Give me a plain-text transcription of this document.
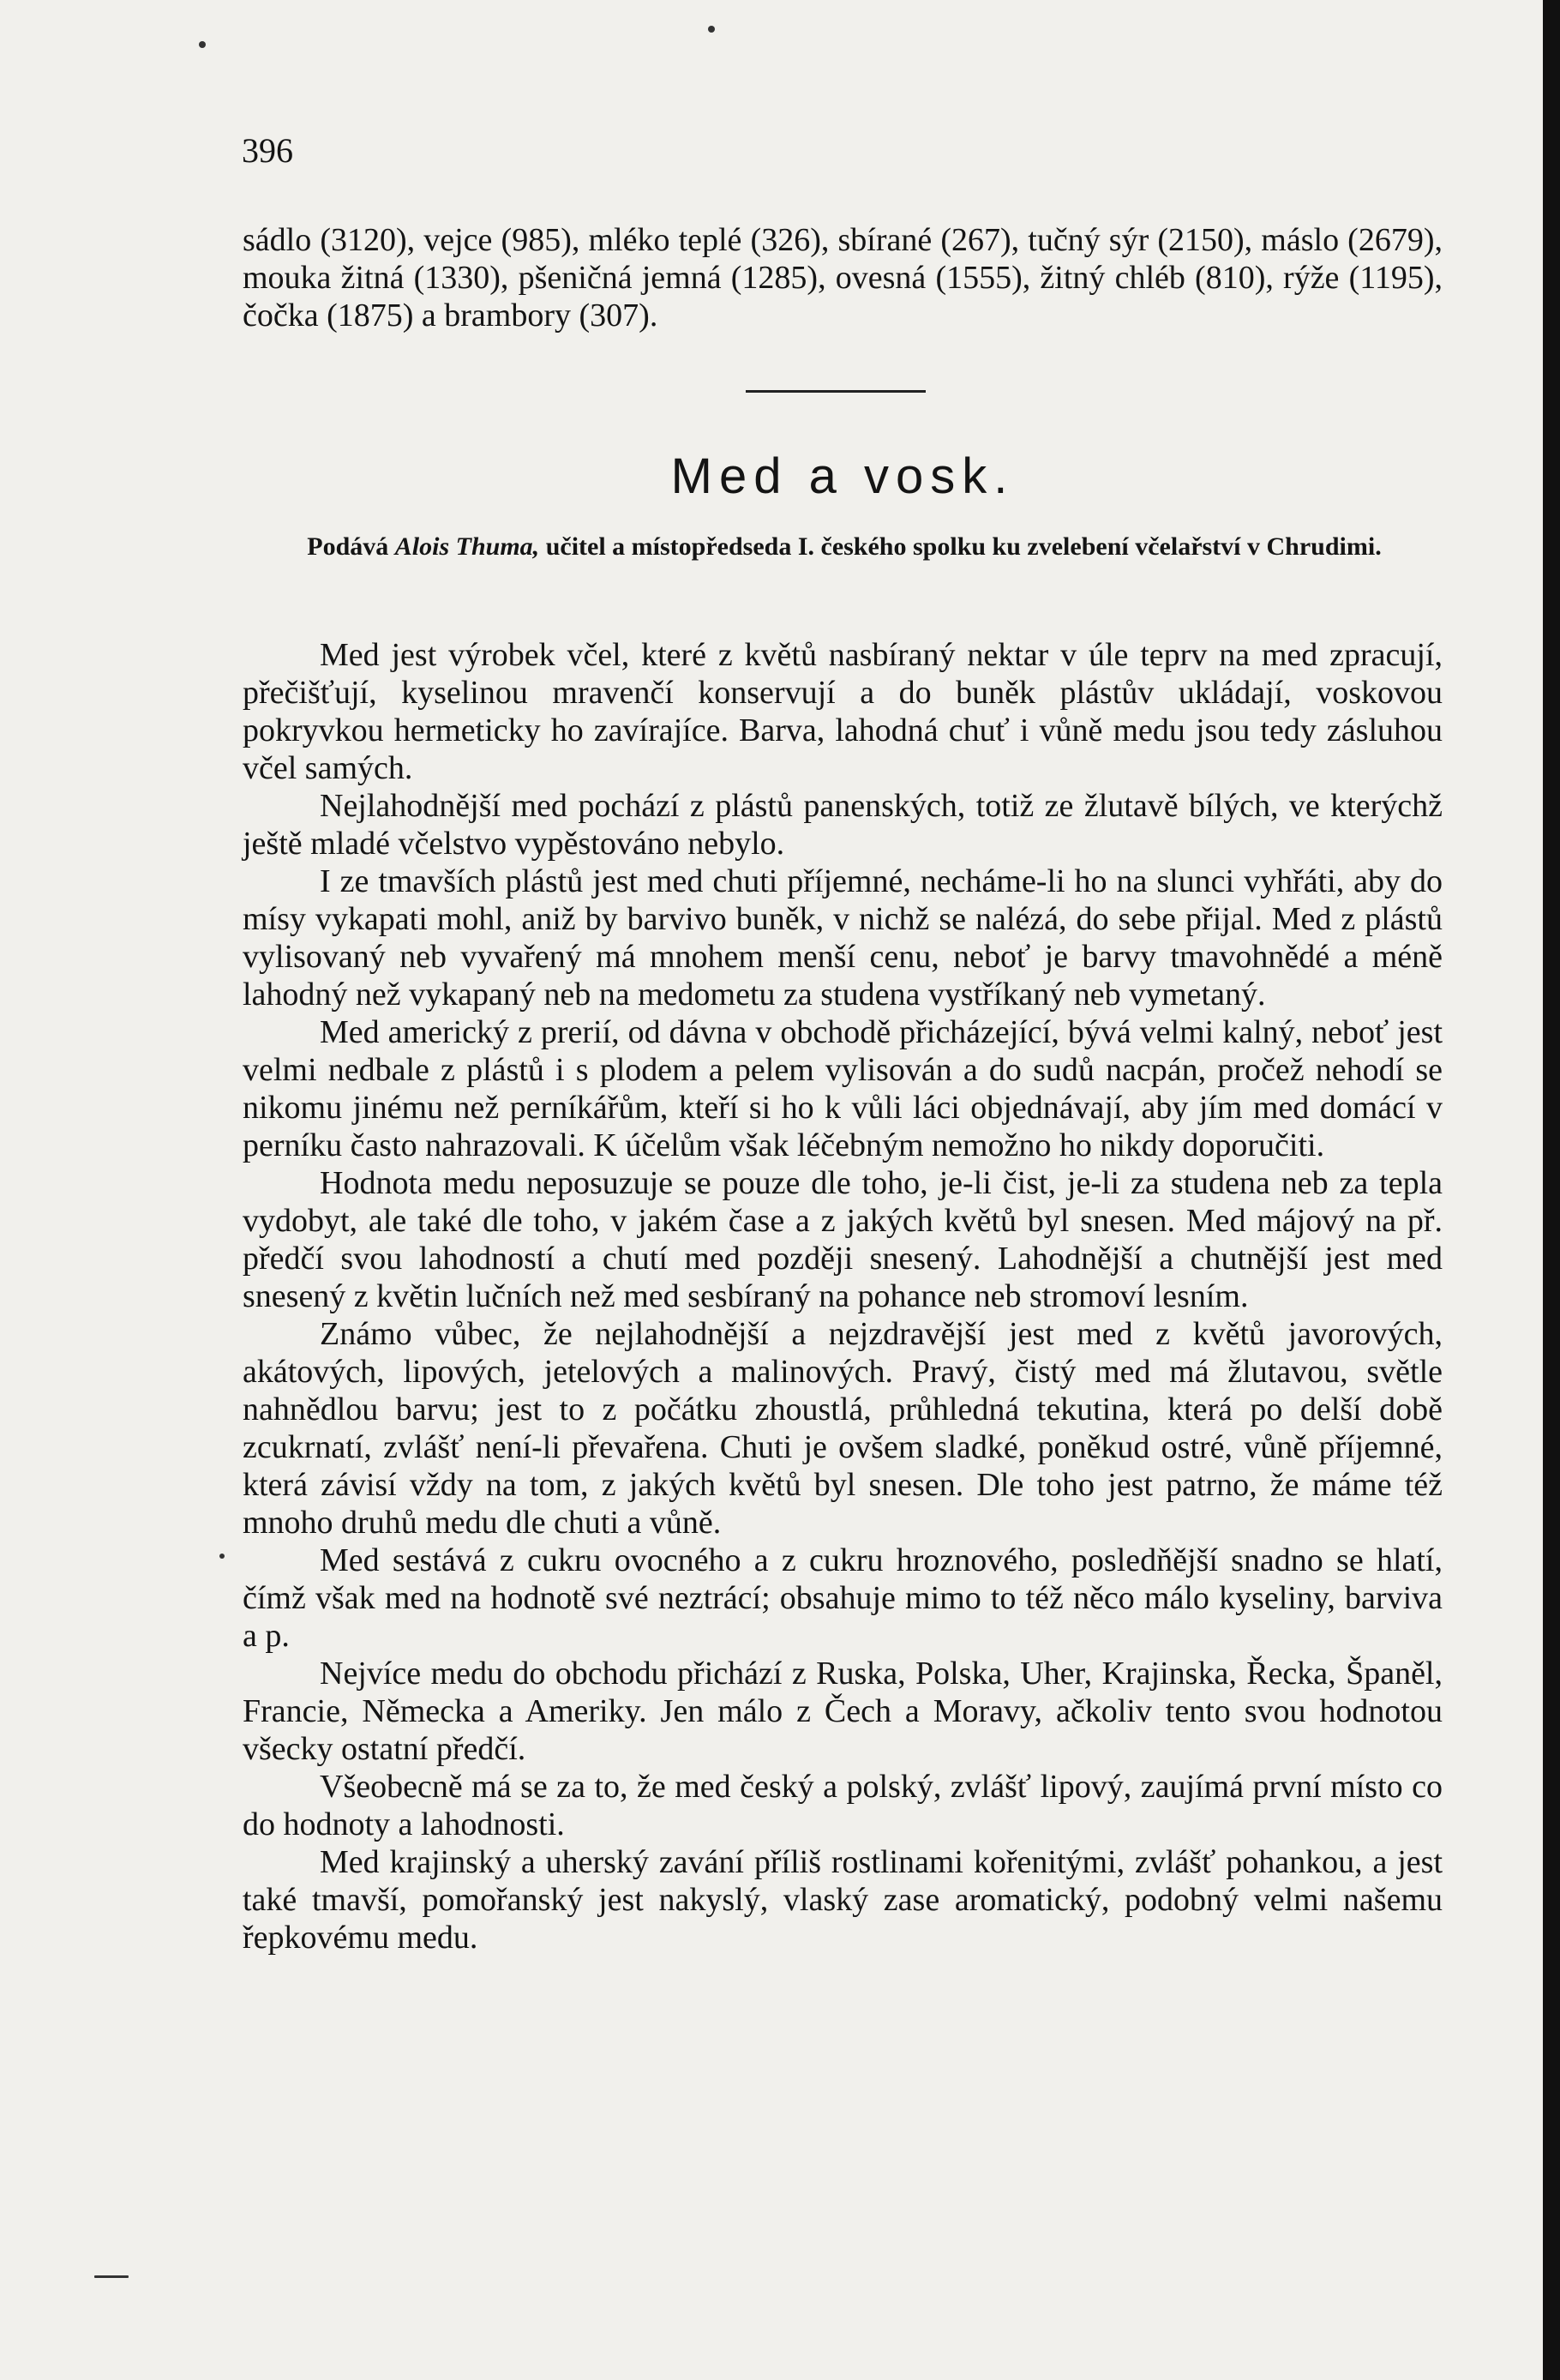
396
sádlo (3120), vejce (985), mléko teplé (326), sbírané (267), tučný sýr (2150), máslo (2679), mouka žitná (1330), pšeničná jemná (1285), ovesná (1555), žitný chléb (810), rýže (1195), čočka (1875) a brambory (307).
Med a vosk.
Podává Alois Thuma, učitel a místopředseda I. českého spolku ku zvelebení včelařství v Chrudimi.

Med jest výrobek včel, které z květů nasbíraný nektar v úle teprv na med zpracují, přečišťují, kyselinou mravenčí konservují a do buněk plástův ukládají, voskovou pokryvkou hermeticky ho zavírajíce. Barva, lahodná chuť i vůně medu jsou tedy zásluhou včel samých.

Nejlahodnější med pochází z plástů panenských, totiž ze žlutavě bílých, ve kterýchž ještě mladé včelstvo vypěstováno nebylo.

I ze tmavších plástů jest med chuti příjemné, necháme-li ho na slunci vyhřáti, aby do mísy vykapati mohl, aniž by barvivo buněk, v nichž se nalézá, do sebe přijal. Med z plástů vylisovaný neb vyvařený má mnohem menší cenu, neboť je barvy tmavohnědé a méně lahodný než vykapaný neb na medometu za studena vystříkaný neb vymetaný.

Med americký z prerií, od dávna v obchodě přicházející, bývá velmi kalný, neboť jest velmi nedbale z plástů i s plodem a pelem vylisován a do sudů nacpán, pročež nehodí se nikomu jinému než perníkářům, kteří si ho k vůli láci objednávají, aby jím med domácí v perníku často nahrazovali. K účelům však léčebným nemožno ho nikdy doporučiti.

Hodnota medu neposuzuje se pouze dle toho, je-li čist, je-li za studena neb za tepla vydobyt, ale také dle toho, v jakém čase a z jakých květů byl snesen. Med májový na př. předčí svou lahodností a chutí med později snesený. Lahodnější a chutnější jest med snesený z květin lučních než med sesbíraný na pohance neb stromoví lesním.

Známo vůbec, že nejlahodnější a nejzdravější jest med z květů javorových, akátových, lipových, jetelových a malinových. Pravý, čistý med má žlutavou, světle nahnědlou barvu; jest to z počátku zhoustlá, průhledná tekutina, která po delší době zcukrnatí, zvlášť není-li převařena. Chuti je ovšem sladké, poněkud ostré, vůně příjemné, která závisí vždy na tom, z jakých květů byl snesen. Dle toho jest patrno, že máme též mnoho druhů medu dle chuti a vůně.

Med sestává z cukru ovocného a z cukru hroznového, posledňější snadno se hlatí, čímž však med na hodnotě své neztrácí; obsahuje mimo to též něco málo kyseliny, barviva a p.

Nejvíce medu do obchodu přichází z Ruska, Polska, Uher, Krajinska, Řecka, Španěl, Francie, Německa a Ameriky. Jen málo z Čech a Moravy, ačkoliv tento svou hodnotou všecky ostatní předčí.

Všeobecně má se za to, že med český a polský, zvlášť lipový, zaujímá první místo co do hodnoty a lahodnosti.

Med krajinský a uherský zavání příliš rostlinami kořenitými, zvlášť pohankou, a jest také tmavší, pomořanský jest nakyslý, vlaský zase aromatický, podobný velmi našemu řepkovému medu.
